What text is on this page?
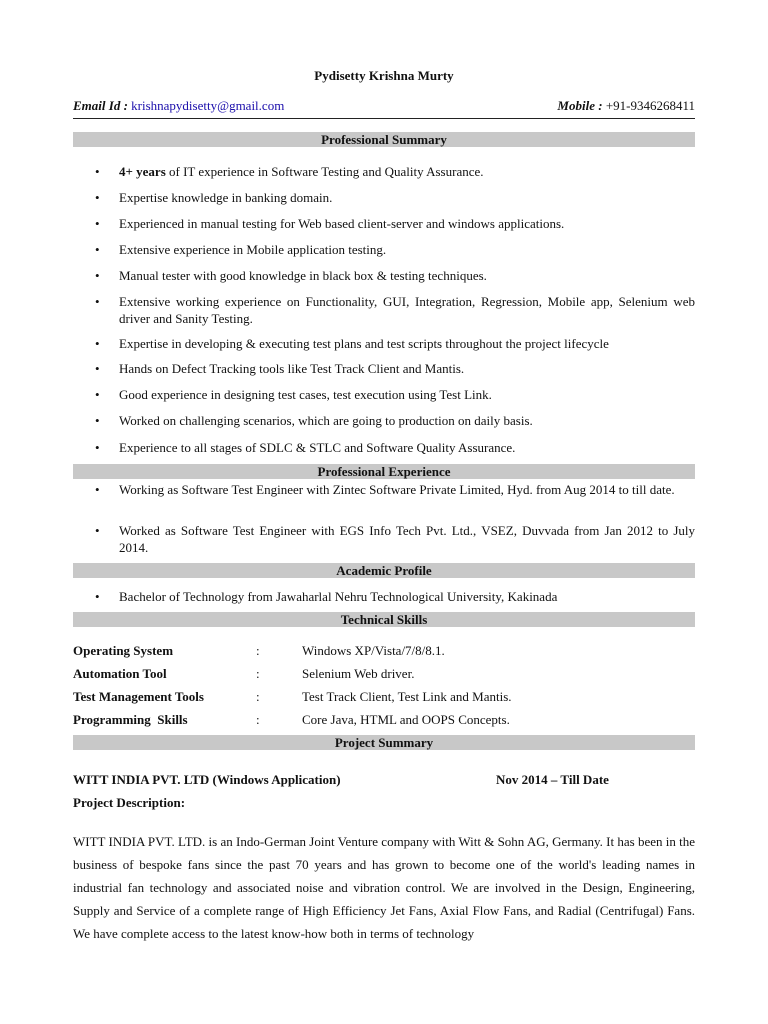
Pydisetty Krishna Murty
Email Id : krishnapydisetty@gmail.com	Mobile : +91-9346268411
Professional Summary
• 4+ years of IT experience in Software Testing and Quality Assurance.
• Expertise knowledge in banking domain.
• Experienced in manual testing for Web based client-server and windows applications.
• Extensive experience in Mobile application testing.
• Manual tester with good knowledge in black box & testing techniques.
• Extensive working experience on Functionality, GUI, Integration, Regression, Mobile app, Selenium web driver and Sanity Testing.
• Expertise in developing & executing test plans and test scripts throughout the project lifecycle
• Hands on Defect Tracking tools like Test Track Client and Mantis.
• Good experience in designing test cases, test execution using Test Link.
• Worked on challenging scenarios, which are going to production on daily basis.
• Experience to all stages of SDLC & STLC and Software Quality Assurance.
Professional Experience
• Working as Software Test Engineer with Zintec Software Private Limited, Hyd. from Aug 2014 to till date.
• Worked as Software Test Engineer with EGS Info Tech Pvt. Ltd., VSEZ, Duvvada from Jan 2012 to July 2014.
Academic Profile
• Bachelor of Technology from Jawaharlal Nehru Technological University, Kakinada
Technical Skills
Operating System	:	Windows XP/Vista/7/8/8.1.
Automation Tool	:	Selenium Web driver.
Test Management Tools	:	Test Track Client, Test Link and Mantis.
Programming  Skills	:	Core Java, HTML and OOPS Concepts.
Project Summary
WITT INDIA PVT. LTD (Windows Application)	Nov 2014 – Till Date
Project Description:
WITT INDIA PVT. LTD. is an Indo-German Joint Venture company with Witt & Sohn AG, Germany. It has been in the business of bespoke fans since the past 70 years and has grown to become one of the world's leading names in industrial fan technology and associated noise and vibration control. We are involved in the Design, Engineering, Supply and Service of a complete range of High Efficiency Jet Fans, Axial Flow Fans, and Radial (Centrifugal) Fans. We have complete access to the latest know-how both in terms of technology
